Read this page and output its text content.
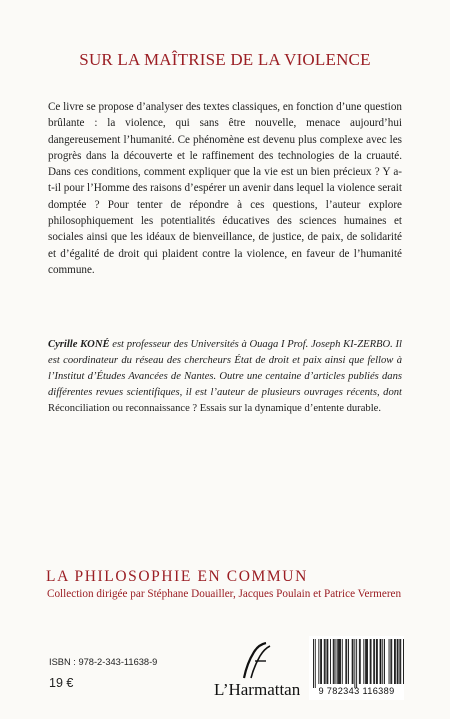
SUR LA MAÎTRISE DE LA VIOLENCE

Ce livre se propose d’analyser des textes classiques, en fonction d’une question brûlante : la violence, qui sans être nouvelle, menace aujourd’hui dangereusement l’humanité. Ce phénomène est devenu plus complexe avec les progrès dans la découverte et le raffinement des technologies de la cruauté. Dans ces conditions, comment expliquer que la vie est un bien précieux ? Y a-t-il pour l’Homme des raisons d’espérer un avenir dans lequel la violence serait domptée ? Pour tenter de répondre à ces questions, l’auteur explore philosophiquement les potentialités éducatives des sciences humaines et sociales ainsi que les idéaux de bienveillance, de justice, de paix, de solidarité et d’égalité de droit qui plaident contre la violence, en faveur de l’humanité commune.

Cyrille KONÉ est professeur des Universités à Ouaga I Prof. Joseph KI-ZERBO. Il est coordinateur du réseau des chercheurs État de droit et paix ainsi que fellow à l’Institut d’Études Avancées de Nantes. Outre une centaine d’articles publiés dans différentes revues scientifiques, il est l’auteur de plusieurs ouvrages récents, dont Réconciliation ou reconnaissance ? Essais sur la dynamique d’entente durable.

LA PHILOSOPHIE EN COMMUN
Collection dirigée par Stéphane Douailler, Jacques Poulain et Patrice Vermeren
ISBN : 978-2-343-11638-9
19 €	L’Harmattan	9 782343 116389
